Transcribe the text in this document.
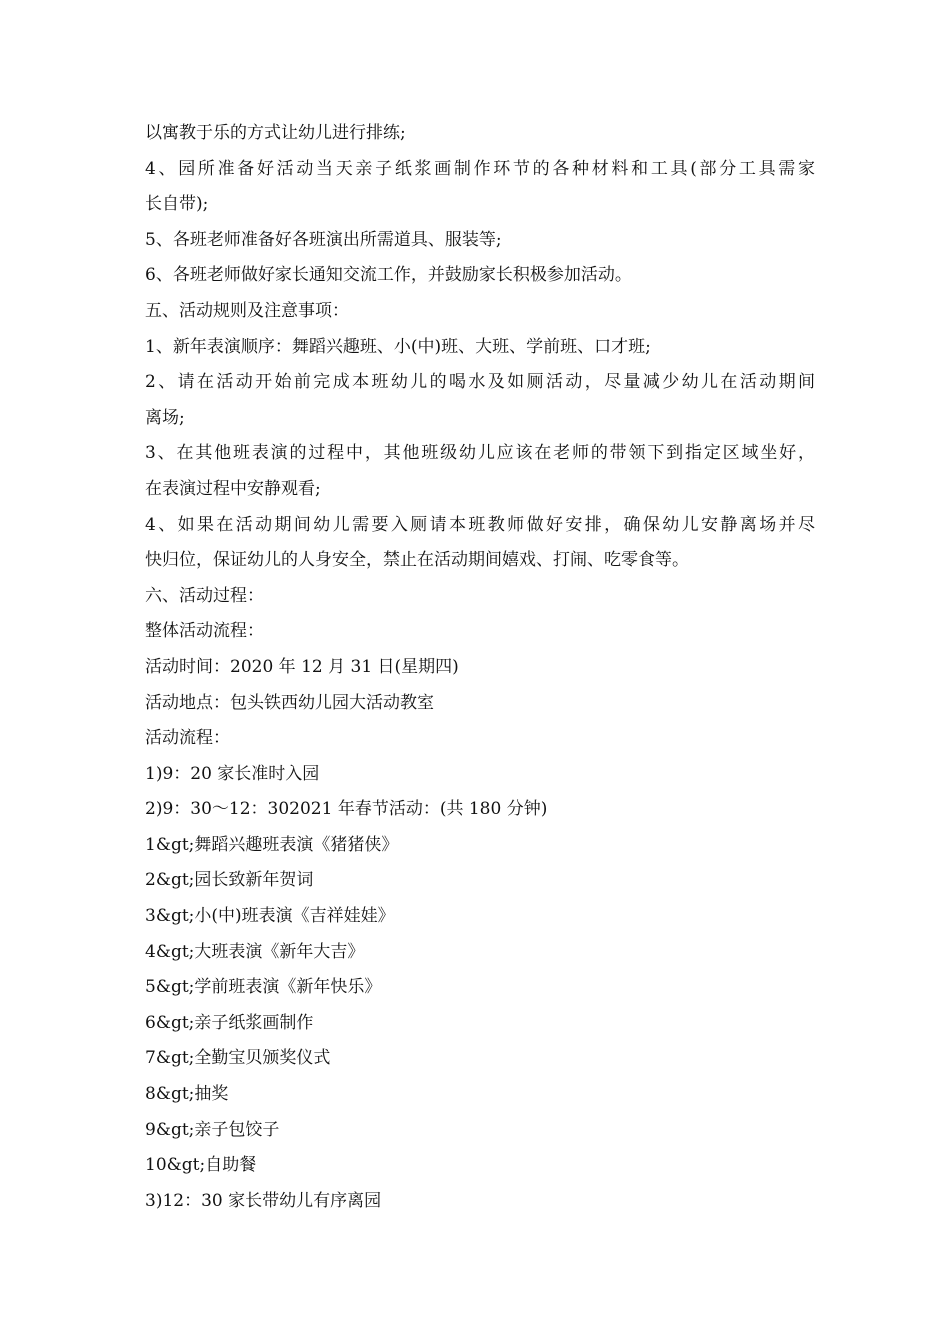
以寓教于乐的方式让幼儿进行排练;
4、园所准备好活动当天亲子纸浆画制作环节的各种材料和工具(部分工具需家
长自带);
5、各班老师准备好各班演出所需道具、服装等;
6、各班老师做好家长通知交流工作，并鼓励家长积极参加活动。
五、活动规则及注意事项：
1、新年表演顺序：舞蹈兴趣班、小(中)班、大班、学前班、口才班;
2、请在活动开始前完成本班幼儿的喝水及如厕活动，尽量减少幼儿在活动期间
离场;
3、在其他班表演的过程中，其他班级幼儿应该在老师的带领下到指定区域坐好，
在表演过程中安静观看;
4、如果在活动期间幼儿需要入厕请本班教师做好安排，确保幼儿安静离场并尽
快归位，保证幼儿的人身安全，禁止在活动期间嬉戏、打闹、吃零食等。
六、活动过程：
整体活动流程：
活动时间：2020 年 12 月 31 日(星期四)
活动地点：包头铁西幼儿园大活动教室
活动流程：
1)9：20 家长准时入园
2)9：30～12：302021 年春节活动：(共 180 分钟)
1&gt;舞蹈兴趣班表演《猪猪侠》
2&gt;园长致新年贺词
3&gt;小(中)班表演《吉祥娃娃》
4&gt;大班表演《新年大吉》
5&gt;学前班表演《新年快乐》
6&gt;亲子纸浆画制作
7&gt;全勤宝贝颁奖仪式
8&gt;抽奖
9&gt;亲子包饺子
10&gt;自助餐
3)12：30 家长带幼儿有序离园
